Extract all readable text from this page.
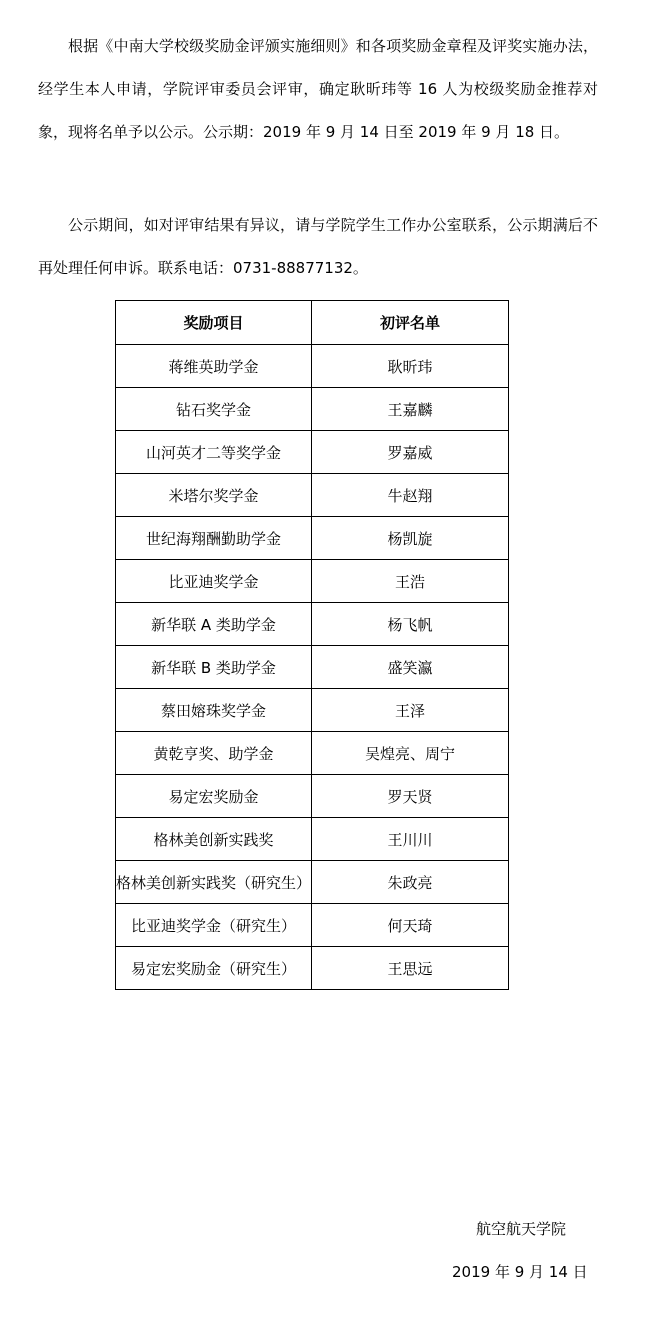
根据《中南大学校级奖励金评颁实施细则》和各项奖励金章程及评奖实施办法，经学生本人申请，学院评审委员会评审，确定耿昕玮等 16 人为校级奖励金推荐对象，现将名单予以公示。公示期：2019 年 9 月 14 日至 2019 年 9 月 18 日。

公示期间，如对评审结果有异议，请与学院学生工作办公室联系，公示期满后不再处理任何申诉。联系电话：0731-88877132。

奖励项目	初评名单
蒋维英助学金	耿昕玮
钻石奖学金	王嘉麟
山河英才二等奖学金	罗嘉威
米塔尔奖学金	牛赵翔
世纪海翔酬勤助学金	杨凯旋
比亚迪奖学金	王浩
新华联 A 类助学金	杨飞帆
新华联 B 类助学金	盛笑瀛
蔡田嫆珠奖学金	王泽
黄乾亨奖、助学金	吴煌亮、周宁
易定宏奖励金	罗天贤
格林美创新实践奖	王川川
格林美创新实践奖（研究生）	朱政亮
比亚迪奖学金（研究生）	何天琦
易定宏奖励金（研究生）	王思远

航空航天学院

2019 年 9 月 14 日
